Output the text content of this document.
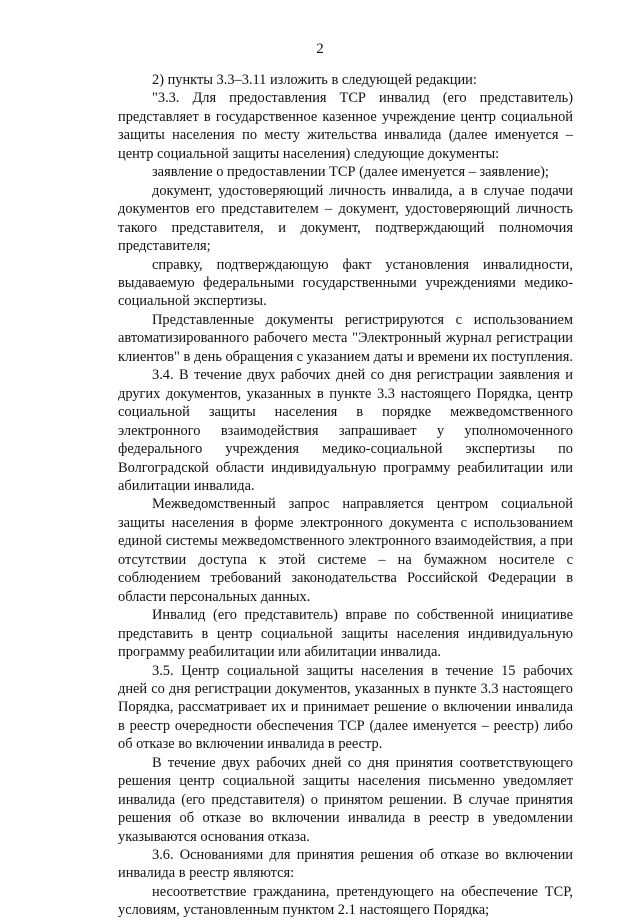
2

2) пункты 3.3–3.11 изложить в следующей редакции:

"3.3. Для предоставления ТСР инвалид (его представитель) представляет в государственное казенное учреждение центр социальной защиты населения по месту жительства инвалида (далее именуется – центр социальной защиты населения) следующие документы:

заявление о предоставлении ТСР (далее именуется – заявление);

документ, удостоверяющий личность инвалида, а в случае подачи документов его представителем – документ, удостоверяющий личность такого представителя, и документ, подтверждающий полномочия представителя;

справку, подтверждающую факт установления инвалидности, выдаваемую федеральными государственными учреждениями медико-социальной экспертизы.

Представленные документы регистрируются с использованием автоматизированного рабочего места "Электронный журнал регистрации клиентов" в день обращения с указанием даты и времени их поступления.

3.4. В течение двух рабочих дней со дня регистрации заявления и других документов, указанных в пункте 3.3 настоящего Порядка, центр социальной защиты населения в порядке межведомственного электронного взаимодействия запрашивает у уполномоченного федерального учреждения медико-социальной экспертизы по Волгоградской области индивидуальную программу реабилитации или абилитации инвалида.

Межведомственный запрос направляется центром социальной защиты населения в форме электронного документа с использованием единой системы межведомственного электронного взаимодействия, а при отсутствии доступа к этой системе – на бумажном носителе с соблюдением требований законодательства Российской Федерации в области персональных данных.

Инвалид (его представитель) вправе по собственной инициативе представить в центр социальной защиты населения индивидуальную программу реабилитации или абилитации инвалида.

3.5. Центр социальной защиты населения в течение 15 рабочих дней со дня регистрации документов, указанных в пункте 3.3 настоящего Порядка, рассматривает их и принимает решение о включении инвалида в реестр очередности обеспечения ТСР (далее именуется – реестр) либо об отказе во включении инвалида в реестр.

В течение двух рабочих дней со дня принятия соответствующего решения центр социальной защиты населения письменно уведомляет инвалида (его представителя) о принятом решении. В случае принятия решения об отказе во включении инвалида в реестр в уведомлении указываются основания отказа.

3.6. Основаниями для принятия решения об отказе во включении инвалида в реестр являются:

несоответствие гражданина, претендующего на обеспечение ТСР, условиям, установленным пунктом 2.1 настоящего Порядка;
